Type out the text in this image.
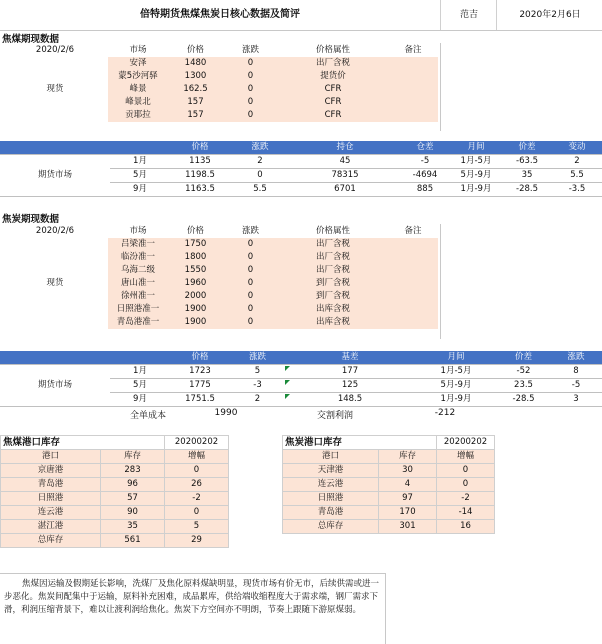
倍特期货焦煤焦炭日核心数据及简评	范吉	2020年2月6日
焦煤期现数据
2020/2/6	市场	价格	涨跌	价格属性	备注
现货	安泽	1480	0	出厂含税	
	蒙5沙河驿	1300	0	提货价	
	峰景	162.5	0	CFR	
	峰景北	157	0	CFR	
	贡耶拉	157	0	CFR	
		价格	涨跌	持仓	仓差	月间	价差	变动
期货市场	1月	1135	2	45	-5	1月-5月	-63.5	2
	5月	1198.5	0	78315	-4694	5月-9月	35	5.5
	9月	1163.5	5.5	6701	885	1月-9月	-28.5	-3.5
焦炭期现数据
2020/2/6	市场	价格	涨跌	价格属性	备注
现货	吕梁准一	1750	0	出厂含税	
	临汾准一	1800	0	出厂含税	
	乌海二级	1550	0	出厂含税	
	唐山准一	1960	0	到厂含税	
	徐州准一	2000	0	到厂含税	
	日照港准一	1900	0	出库含税	
	青岛港准一	1900	0	出库含税	
		价格	涨跌	基差	月间	价差	涨跌
期货市场	1月	1723	5	177	1月-5月	-52	8
	5月	1775	-3	125	5月-9月	23.5	-5
	9月	1751.5	2	148.5	1月-9月	-28.5	3
全单成本	1990	交割利润	-212
焦煤港口库存		20200202
港口	库存	增幅
京唐港	283	0
青岛港	96	26
日照港	57	-2
连云港	90	0
湛江港	35	5
总库存	561	29
焦炭港口库存		20200202
港口	库存	增幅
天津港	30	0
连云港	4	0
日照港	97	-2
青岛港	170	-14
总库存	301	16
焦煤因运输及假期延长影响，洗煤厂及焦化原料煤缺明显，现货市场有价无市，后续供需或进一步恶化。焦炭间配集中于运输，原料补充困难，成品累库，供给端收缩程度大于需求端，钢厂需求下滑，利润压缩背景下，难以让渡利润给焦化。焦炭下方空间亦不明朗，节奏上跟随下游原煤弱。
